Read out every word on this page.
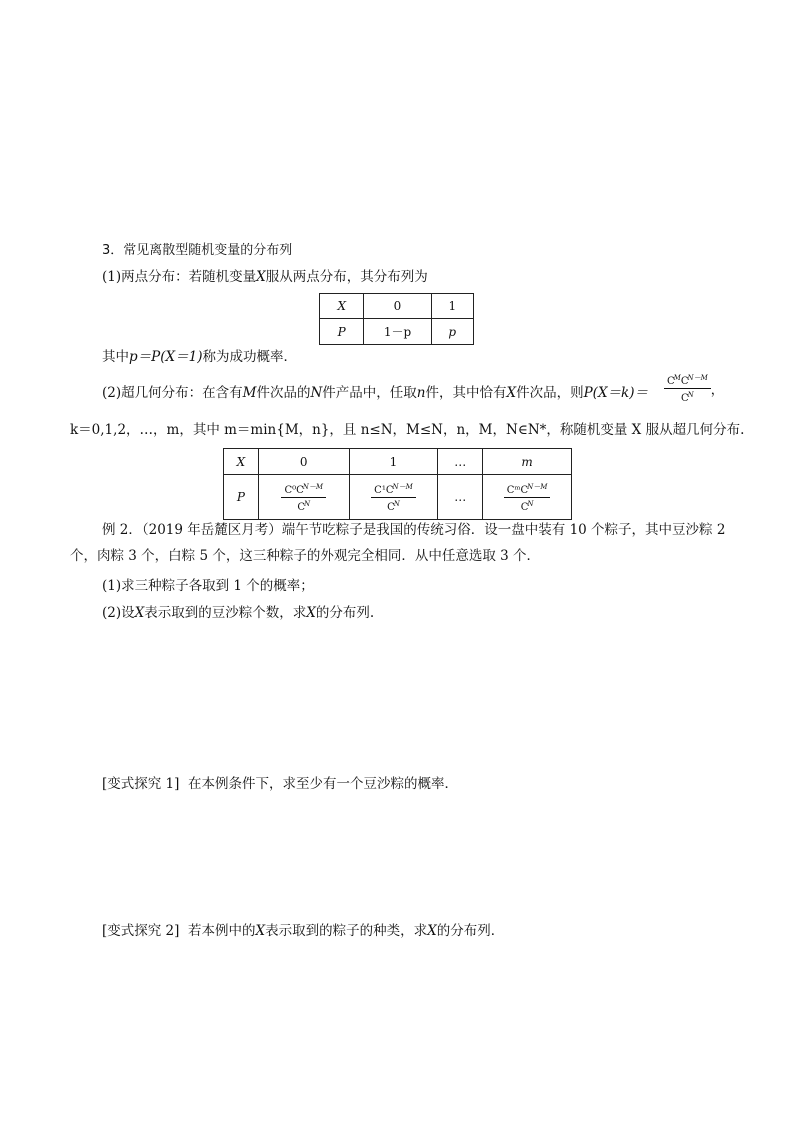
3．常见离散型随机变量的分布列
(1)两点分布：若随机变量X服从两点分布，其分布列为
X	0	1
P	1－p	p
其中p＝P(X＝1)称为成功概率．
(2)超几何分布：在含有M件次品的N件产品中，任取n件，其中恰有X件次品，则$P(X=k)= \frac{C^MC^{N-M}}{C^N}$ ，
k＝0,1,2，…，m，其中 m＝min{M，n}，且 n≤N，M≤N，n，M，N∈N*，称随机变量 X 服从超几何分布.
X	0	1	…	m
P	$\frac{C^0C^{N-M}}{C^N}$	$\frac{C^1C^{N-M}}{C^N}$	…	$\frac{CᵐC^{N-M}}{C^N}$
例 2．（2019 年岳麓区月考）端午节吃粽子是我国的传统习俗．设一盘中装有 10 个粽子，其中豆沙粽 2
个，肉粽 3 个，白粽 5 个，这三种粽子的外观完全相同．从中任意选取 3 个．
(1)求三种粽子各取到 1 个的概率；
(2)设X表示取到的豆沙粽个数，求X的分布列.
[变式探究 1] 在本例条件下，求至少有一个豆沙粽的概率．
[变式探究 2] 若本例中的X表示取到的粽子的种类，求X的分布列．
